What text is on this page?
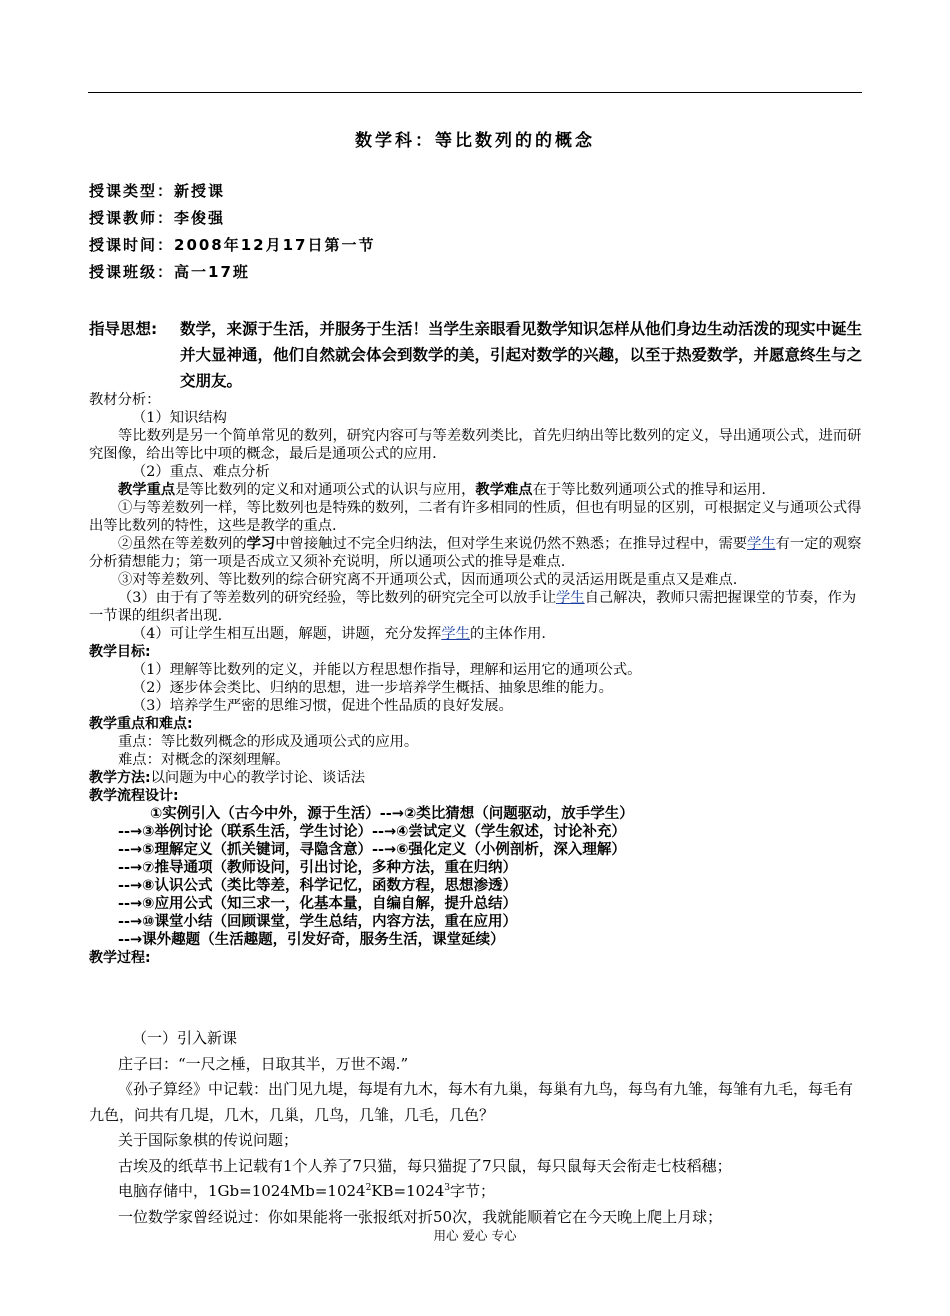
数学科：等比数列的的概念
授课类型：新授课
授课教师：李俊强
授课时间：2008年12月17日第一节
授课班级：高一17班
指导思想: 数学，来源于生活，并服务于生活！当学生亲眼看见数学知识怎样从他们身边生动活泼的现实中诞生并大显神通，他们自然就会体会到数学的美，引起对数学的兴趣，以至于热爱数学，并愿意终生与之交朋友。

教材分析：

（1）知识结构

等比数列是另一个简单常见的数列，研究内容可与等差数列类比，首先归纳出等比数列的定义，导出通项公式，进而研究图像，给出等比中项的概念，最后是通项公式的应用.

（2）重点、难点分析

教学重点是等比数列的定义和对通项公式的认识与应用，教学难点在于等比数列通项公式的推导和运用.

①与等差数列一样，等比数列也是特殊的数列，二者有许多相同的性质，但也有明显的区别，可根据定义与通项公式得出等比数列的特性，这些是教学的重点.

②虽然在等差数列的学习中曾接触过不完全归纳法，但对学生来说仍然不熟悉；在推导过程中，需要学生有一定的观察分析猜想能力；第一项是否成立又须补充说明，所以通项公式的推导是难点.

③对等差数列、等比数列的综合研究离不开通项公式，因而通项公式的灵活运用既是重点又是难点.

（3）由于有了等差数列的研究经验，等比数列的研究完全可以放手让学生自己解决，教师只需把握课堂的节奏，作为一节课的组织者出现.

（4）可让学生相互出题，解题，讲题，充分发挥学生的主体作用.

教学目标:

（1）理解等比数列的定义，并能以方程思想作指导，理解和运用它的通项公式。

（2）逐步体会类比、归纳的思想，进一步培养学生概括、抽象思维的能力。

（3）培养学生严密的思维习惯，促进个性品质的良好发展。

教学重点和难点:

重点：等比数列概念的形成及通项公式的应用。

难点：对概念的深刻理解。

教学方法:以问题为中心的教学讨论、谈话法

教学流程设计:

①实例引入（古今中外，源于生活）--→②类比猜想（问题驱动，放手学生）

--→③举例讨论（联系生活，学生讨论）--→④尝试定义（学生叙述，讨论补充）

--→⑤理解定义（抓关键词，寻隐含意）--→⑥强化定义（小例剖析，深入理解）

--→⑦推导通项（教师设问，引出讨论，多种方法，重在归纳）

--→⑧认识公式（类比等差，科学记忆，函数方程，思想渗透）

--→⑨应用公式（知三求一，化基本量，自编自解，提升总结）

--→⑩课堂小结（回顾课堂，学生总结，内容方法，重在应用）

--→课外趣题（生活趣题，引发好奇，服务生活，课堂延续）

教学过程:

（一）引入新课

庄子曰：“一尺之棰，日取其半，万世不竭.”

《孙子算经》中记载：出门见九堤，每堤有九木，每木有九巢，每巢有九鸟，每鸟有九雏，每雏有九毛，每毛有九色，问共有几堤，几木，几巢，几鸟，几雏，几毛，几色？

关于国际象棋的传说问题；

古埃及的纸草书上记载有1个人养了7只猫，每只猫捉了7只鼠，每只鼠每天会衔走七枝稻穗；

电脑存储中，$1Gb=1024Mb=1024^2KB=1024^3$字节；

一位数学家曾经说过：你如果能将一张报纸对折50次，我就能顺着它在今天晚上爬上月球；

用心 爱心 专心
